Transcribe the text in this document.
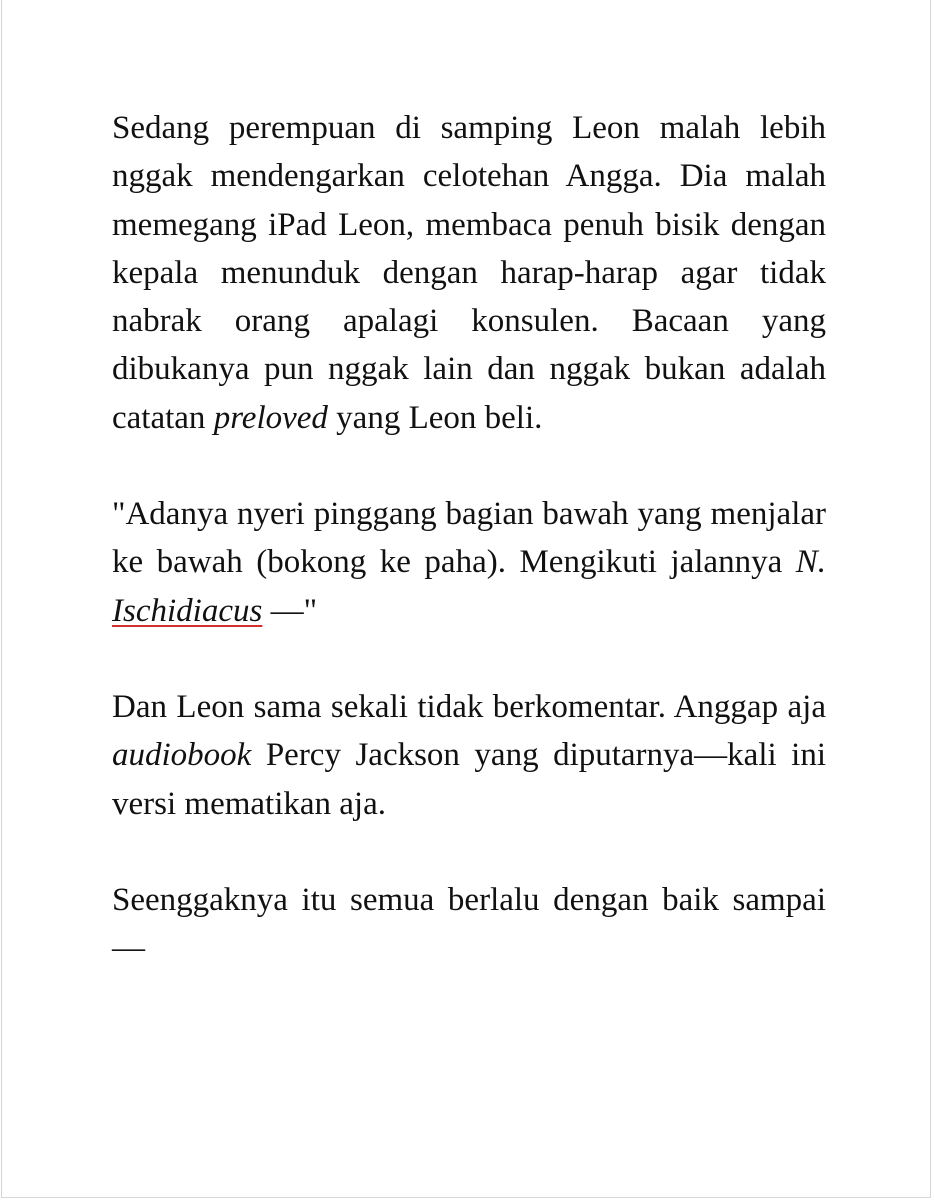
Sedang perempuan di samping Leon malah lebih nggak mendengarkan celotehan Angga. Dia malah memegang iPad Leon, membaca penuh bisik dengan kepala menunduk dengan harap-harap agar tidak nabrak orang apalagi konsulen. Bacaan yang dibukanya pun nggak lain dan nggak bukan adalah catatan preloved yang Leon beli.

"Adanya nyeri pinggang bagian bawah yang menjalar ke bawah (bokong ke paha). Mengikuti jalannya N. Ischidiacus —"

Dan Leon sama sekali tidak berkomentar. Anggap aja audiobook Percy Jackson yang diputarnya—kali ini versi mematikan aja.

Seenggaknya itu semua berlalu dengan baik sampai—
